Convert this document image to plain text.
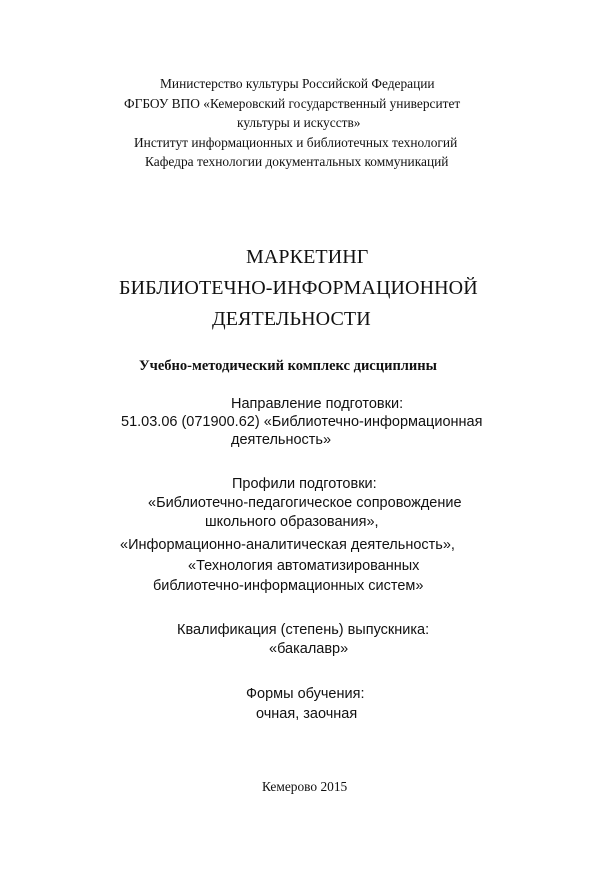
Министерство культуры Российской Федерации
ФГБОУ ВПО «Кемеровский государственный университет
культуры и искусств»
Институт информационных и библиотечных технологий
Кафедра технологии документальных коммуникаций
МАРКЕТИНГ
БИБЛИОТЕЧНО-ИНФОРМАЦИОННОЙ
ДЕЯТЕЛЬНОСТИ
Учебно-методический комплекс дисциплины
Направление подготовки:
51.03.06 (071900.62) «Библиотечно-информационная
деятельность»
Профили подготовки:
«Библиотечно-педагогическое сопровождение
школьного образования»,
«Информационно-аналитическая деятельность»,
«Технология автоматизированных
библиотечно-информационных систем»
Квалификация (степень) выпускника:
«бакалавр»
Формы обучения:
очная, заочная
Кемерово 2015
